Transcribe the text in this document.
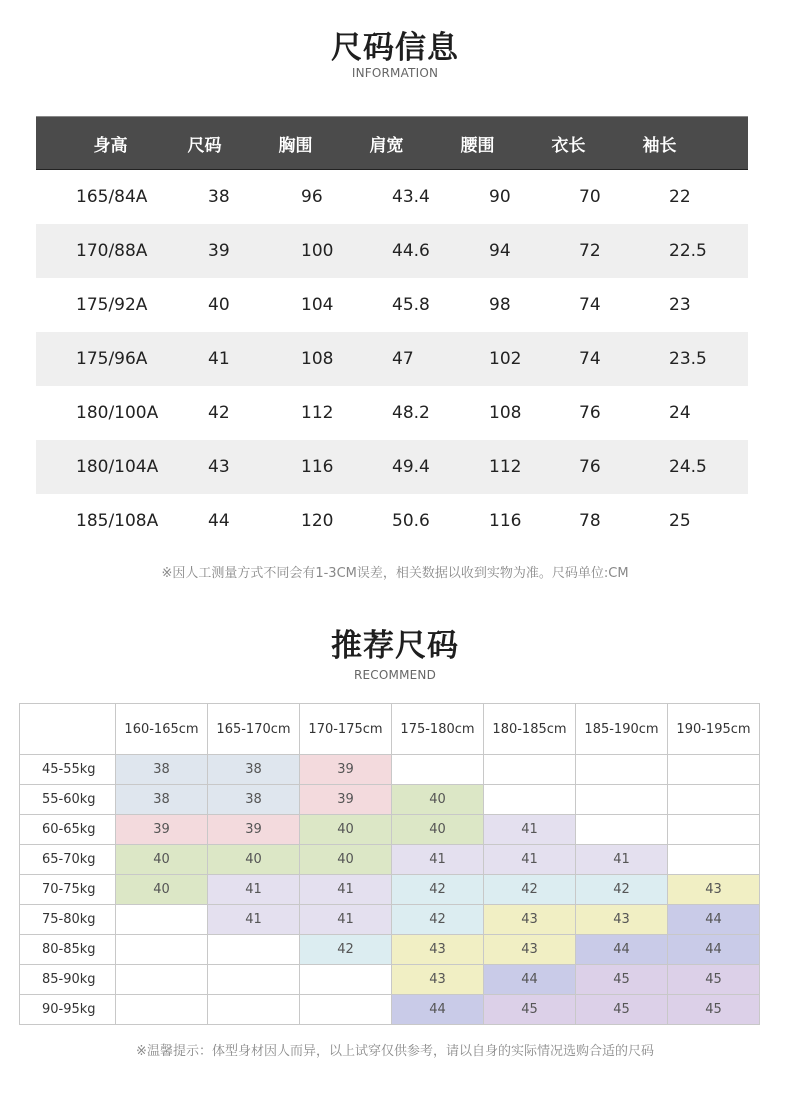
尺码信息
INFORMATION
身高	尺码	胸围	肩宽	腰围	衣长	袖长
165/84A	38	96	43.4	90	70	22
170/88A	39	100	44.6	94	72	22.5
175/92A	40	104	45.8	98	74	23
175/96A	41	108	47	102	74	23.5
180/100A	42	112	48.2	108	76	24
180/104A	43	116	49.4	112	76	24.5
185/108A	44	120	50.6	116	78	25
※因人工测量方式不同会有1-3CM误差，相关数据以收到实物为准。尺码单位:CM
推荐尺码
RECOMMEND
	160-165cm	165-170cm	170-175cm	175-180cm	180-185cm	185-190cm	190-195cm
45-55kg	38	38	39				
55-60kg	38	38	39	40			
60-65kg	39	39	40	40	41		
65-70kg	40	40	40	41	41	41	
70-75kg	40	41	41	42	42	42	43
75-80kg		41	41	42	43	43	44
80-85kg			42	43	43	44	44
85-90kg				43	44	45	45
90-95kg				44	45	45	45
※温馨提示：体型身材因人而异，以上试穿仅供参考，请以自身的实际情况选购合适的尺码
